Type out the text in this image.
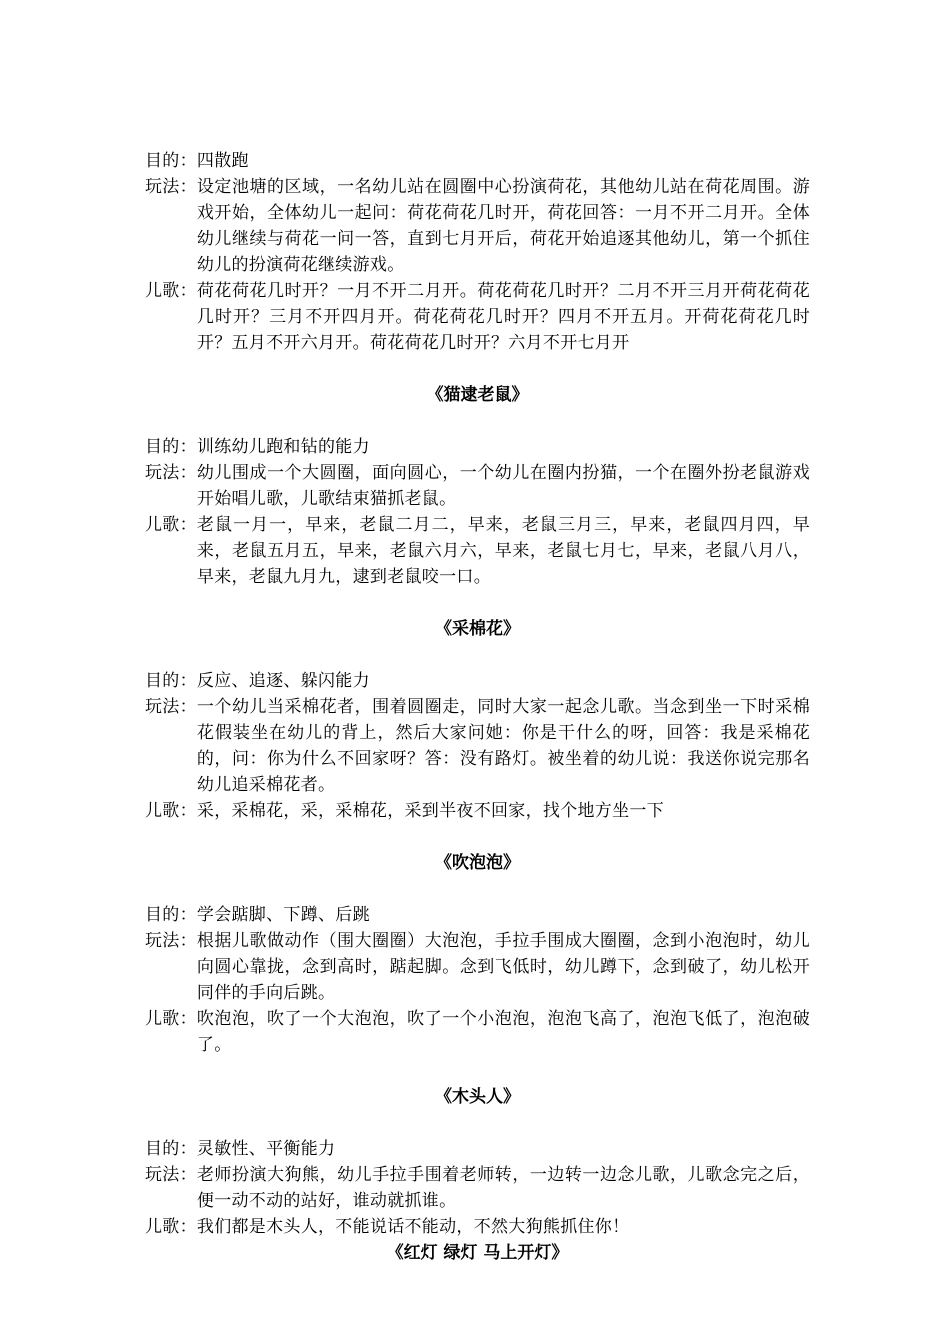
目的： 四散跑
玩法： 设定池塘的区域，一名幼儿站在圆圈中心扮演荷花，其他幼儿站在荷花周围。游戏开始，全体幼儿一起问：荷花荷花几时开，荷花回答：一月不开二月开。全体幼儿继续与荷花一问一答，直到七月开后，荷花开始追逐其他幼儿，第一个抓住幼儿的扮演荷花继续游戏。
儿歌： 荷花荷花几时开？一月不开二月开。荷花荷花几时开？二月不开三月开荷花荷花几时开？三月不开四月开。荷花荷花几时开？四月不开五月。开荷花荷花几时开？五月不开六月开。荷花荷花几时开？六月不开七月开
《猫逮老鼠》
目的： 训练幼儿跑和钻的能力
玩法： 幼儿围成一个大圆圈，面向圆心，一个幼儿在圈内扮猫，一个在圈外扮老鼠游戏开始唱儿歌，儿歌结束猫抓老鼠。
儿歌： 老鼠一月一，早来，老鼠二月二，早来，老鼠三月三，早来，老鼠四月四，早来，老鼠五月五，早来，老鼠六月六，早来，老鼠七月七，早来，老鼠八月八，早来，老鼠九月九，逮到老鼠咬一口。
《采棉花》
目的： 反应、追逐、躲闪能力
玩法： 一个幼儿当采棉花者，围着圆圈走，同时大家一起念儿歌。当念到坐一下时采棉花假装坐在幼儿的背上，然后大家问她：你是干什么的呀，回答：我是采棉花的，问：你为什么不回家呀？答：没有路灯。被坐着的幼儿说：我送你说完那名幼儿追采棉花者。
儿歌： 采，采棉花，采，采棉花，采到半夜不回家，找个地方坐一下
《吹泡泡》
目的： 学会踮脚、下蹲、后跳
玩法： 根据儿歌做动作（围大圈圈）大泡泡，手拉手围成大圈圈，念到小泡泡时，幼儿向圆心靠拢，念到高时，踮起脚。念到飞低时，幼儿蹲下，念到破了，幼儿松开同伴的手向后跳。
儿歌： 吹泡泡，吹了一个大泡泡，吹了一个小泡泡，泡泡飞高了，泡泡飞低了，泡泡破了。
《木头人》
目的： 灵敏性、平衡能力
玩法： 老师扮演大狗熊，幼儿手拉手围着老师转，一边转一边念儿歌，儿歌念完之后，便一动不动的站好，谁动就抓谁。
儿歌： 我们都是木头人，不能说话不能动，不然大狗熊抓住你！
《红灯 绿灯 马上开灯》
